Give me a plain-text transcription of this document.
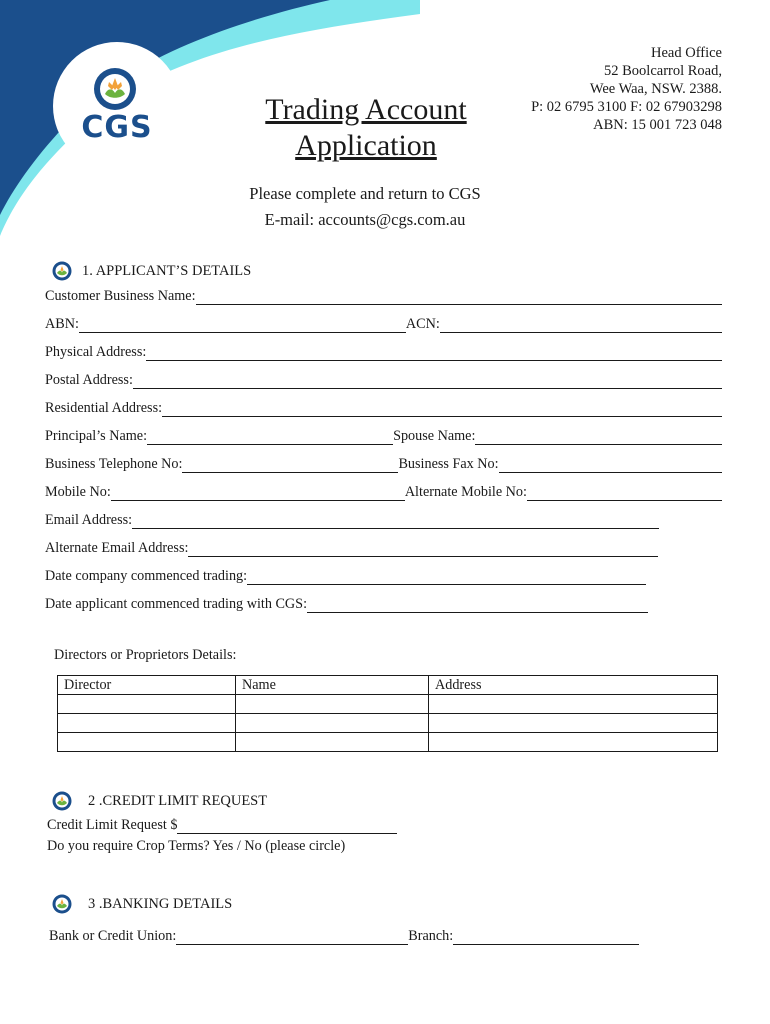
CGS
Trading Account
Application
Head Office
52 Boolcarrol Road,
Wee Waa, NSW. 2388.
P: 02 6795 3100 F: 02 67903298
ABN: 15 001 723 048
Please complete and return to CGS
E-mail: accounts@cgs.com.au
1. APPLICANT’S DETAILS
Customer Business Name:
ABN:	ACN:
Physical Address:
Postal Address:
Residential Address:
Principal’s Name:	Spouse Name:
Business Telephone No:	Business Fax No:
Mobile No:	Alternate Mobile No:
Email Address:
Alternate Email Address:
Date company commenced trading:
Date applicant commenced trading with CGS:
Directors or Proprietors Details:
Director	Name	Address

2 .CREDIT LIMIT REQUEST
Credit Limit Request $
Do you require Crop Terms? Yes / No (please circle)
3 .BANKING DETAILS
Bank or Credit Union:	Branch:
